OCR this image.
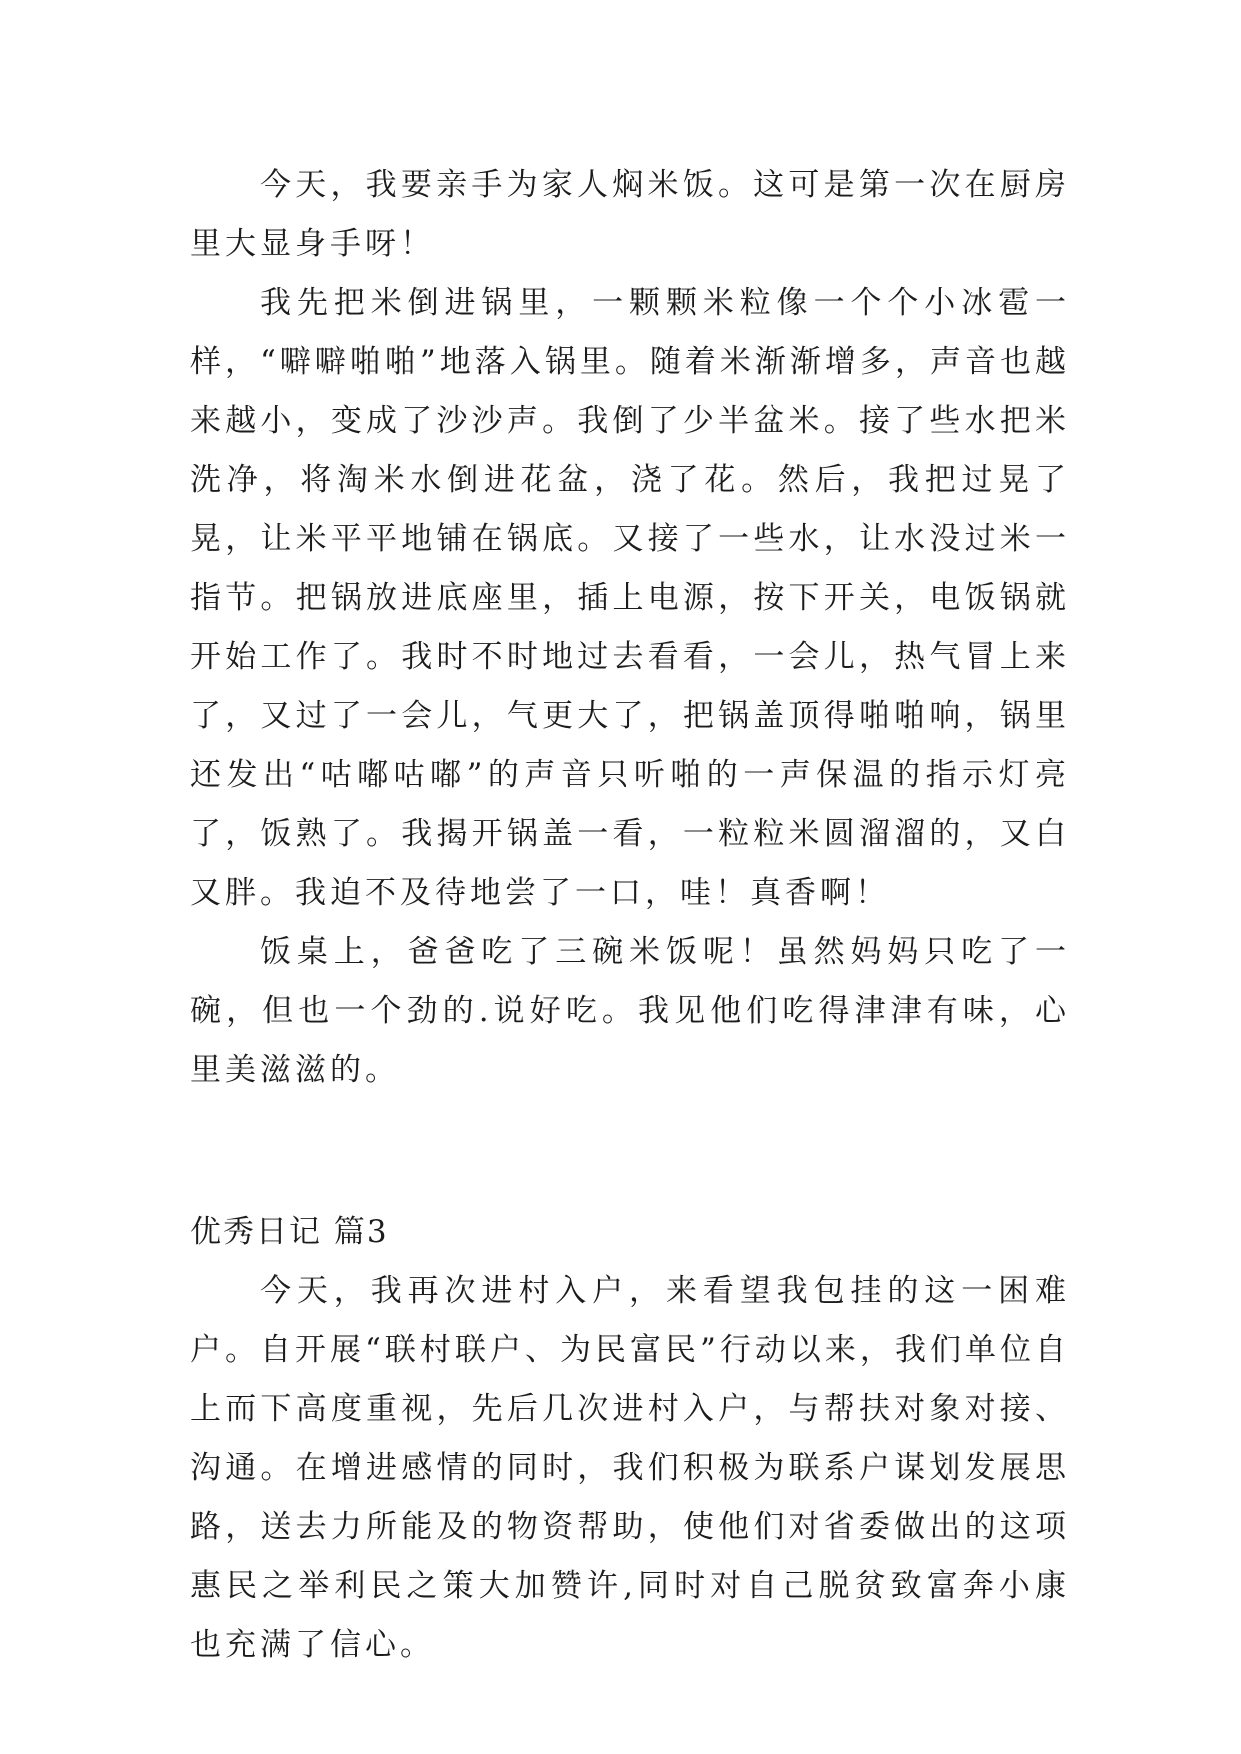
今天，我要亲手为家人焖米饭。这可是第一次在厨房里大显身手呀！

我先把米倒进锅里，一颗颗米粒像一个个小冰雹一样，“噼噼啪啪”地落入锅里。随着米渐渐增多，声音也越来越小，变成了沙沙声。我倒了少半盆米。接了些水把米洗净，将淘米水倒进花盆，浇了花。然后，我把过晃了晃，让米平平地铺在锅底。又接了一些水，让水没过米一指节。把锅放进底座里，插上电源，按下开关，电饭锅就开始工作了。我时不时地过去看看，一会儿，热气冒上来了，又过了一会儿，气更大了，把锅盖顶得啪啪响，锅里还发出“咕嘟咕嘟”的声音只听啪的一声保温的指示灯亮了，饭熟了。我揭开锅盖一看，一粒粒米圆溜溜的，又白又胖。我迫不及待地尝了一口，哇！真香啊！

饭桌上，爸爸吃了三碗米饭呢！虽然妈妈只吃了一碗，但也一个劲的.说好吃。我见他们吃得津津有味，心里美滋滋的。

优秀日记 篇3

今天，我再次进村入户，来看望我包挂的这一困难户。自开展“联村联户、为民富民”行动以来，我们单位自上而下高度重视，先后几次进村入户，与帮扶对象对接、沟通。在增进感情的同时，我们积极为联系户谋划发展思路，送去力所能及的物资帮助，使他们对省委做出的这项惠民之举利民之策大加赞许,同时对自己脱贫致富奔小康也充满了信心。
